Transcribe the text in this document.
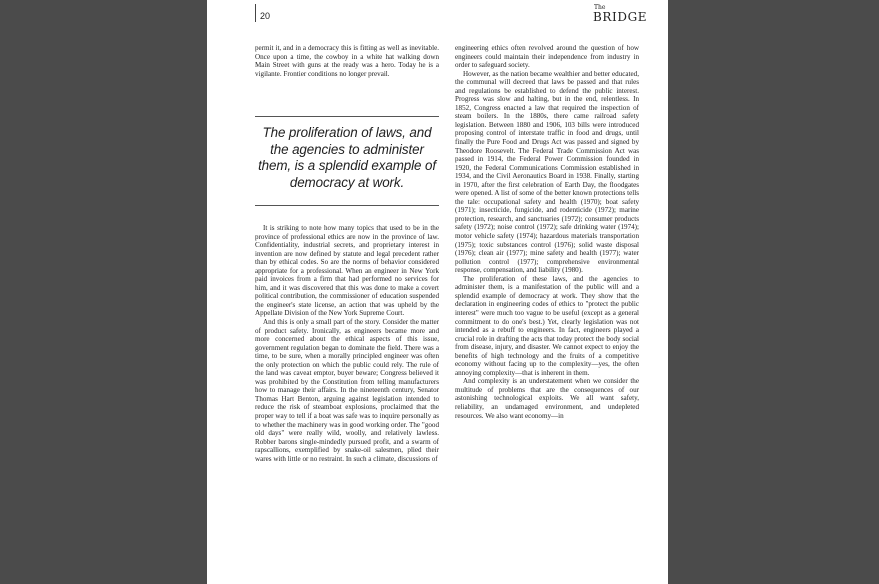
20
The
BRIDGE

permit it, and in a democracy this is fitting as well as inevitable. Once upon a time, the cowboy in a white hat walking down Main Street with guns at the ready was a hero. Today he is a vigilante. Frontier conditions no longer prevail.

The proliferation of laws, and the agencies to administer them, is a splendid example of democracy at work.

It is striking to note how many topics that used to be in the province of professional ethics are now in the province of law. Confidentiality, industrial secrets, and proprietary interest in invention are now defined by statute and legal precedent rather than by ethical codes. So are the norms of behavior considered appropriate for a professional. When an engineer in New York paid invoices from a firm that had performed no services for him, and it was discovered that this was done to make a covert political contribution, the commissioner of education suspended the engineer's state license, an action that was upheld by the Appellate Division of the New York Supreme Court.

And this is only a small part of the story. Consider the matter of product safety. Ironically, as engineers became more and more concerned about the ethical aspects of this issue, government regulation began to dominate the field. There was a time, to be sure, when a morally principled engineer was often the only protection on which the public could rely. The rule of the land was caveat emptor, buyer beware; Congress believed it was prohibited by the Constitution from telling manufacturers how to manage their affairs. In the nineteenth century, Senator Thomas Hart Benton, arguing against legislation intended to reduce the risk of steamboat explosions, proclaimed that the proper way to tell if a boat was safe was to inquire personally as to whether the machinery was in good working order. The "good old days" were really wild, woolly, and relatively lawless. Robber barons single-mindedly pursued profit, and a swarm of rapscallions, exemplified by snake-oil salesmen, plied their wares with little or no restraint. In such a climate, discussions of

engineering ethics often revolved around the question of how engineers could maintain their independence from industry in order to safeguard society.

However, as the nation became wealthier and better educated, the communal will decreed that laws be passed and that rules and regulations be established to defend the public interest. Progress was slow and halting, but in the end, relentless. In 1852, Congress enacted a law that required the inspection of steam boilers. In the 1880s, there came railroad safety legislation. Between 1880 and 1906, 103 bills were introduced proposing control of interstate traffic in food and drugs, until finally the Pure Food and Drugs Act was passed and signed by Theodore Roosevelt. The Federal Trade Commission Act was passed in 1914, the Federal Power Commission founded in 1920, the Federal Communications Commission established in 1934, and the Civil Aeronautics Board in 1938. Finally, starting in 1970, after the first celebration of Earth Day, the floodgates were opened. A list of some of the better known protections tells the tale: occupational safety and health (1970); boat safety (1971); insecticide, fungicide, and rodenticide (1972); marine protection, research, and sanctuaries (1972); consumer products safety (1972); noise control (1972); safe drinking water (1974); motor vehicle safety (1974); hazardous materials transportation (1975); toxic substances control (1976); solid waste disposal (1976); clean air (1977); mine safety and health (1977); water pollution control (1977); comprehensive environmental response, compensation, and liability (1980).

The proliferation of these laws, and the agencies to administer them, is a manifestation of the public will and a splendid example of democracy at work. They show that the declaration in engineering codes of ethics to "protect the public interest" were much too vague to be useful (except as a general commitment to do one's best.) Yet, clearly legislation was not intended as a rebuff to engineers. In fact, engineers played a crucial role in drafting the acts that today protect the body social from disease, injury, and disaster. We cannot expect to enjoy the benefits of high technology and the fruits of a competitive economy without facing up to the complexity—yes, the often annoying complexity—that is inherent in them.

And complexity is an understatement when we consider the multitude of problems that are the consequences of our astonishing technological exploits. We all want safety, reliability, an undamaged environment, and undepleted resources. We also want economy—in
